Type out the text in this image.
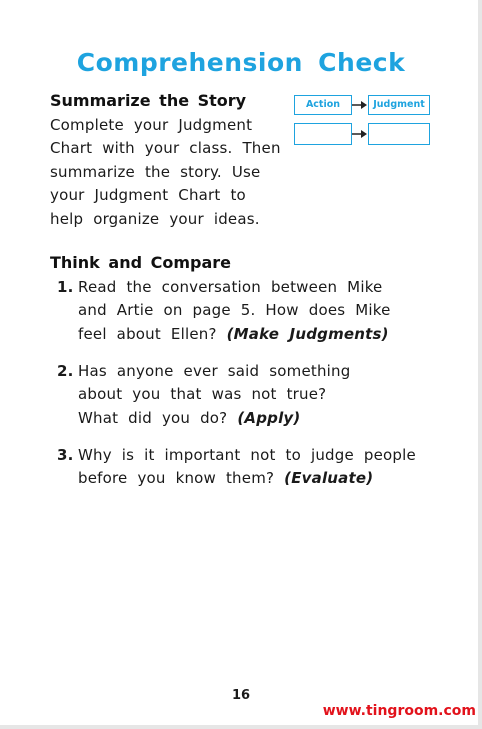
Comprehension Check
Summarize the Story
Complete your Judgment
Chart with your class. Then
summarize the story. Use
your Judgment Chart to
help organize your ideas.
Action	Judgment
Think and Compare
1. Read the conversation between Mike
and Artie on page 5. How does Mike
feel about Ellen? (Make Judgments)
2. Has anyone ever said something
about you that was not true?
What did you do? (Apply)
3. Why is it important not to judge people
before you know them? (Evaluate)
16
www.tingroom.com
